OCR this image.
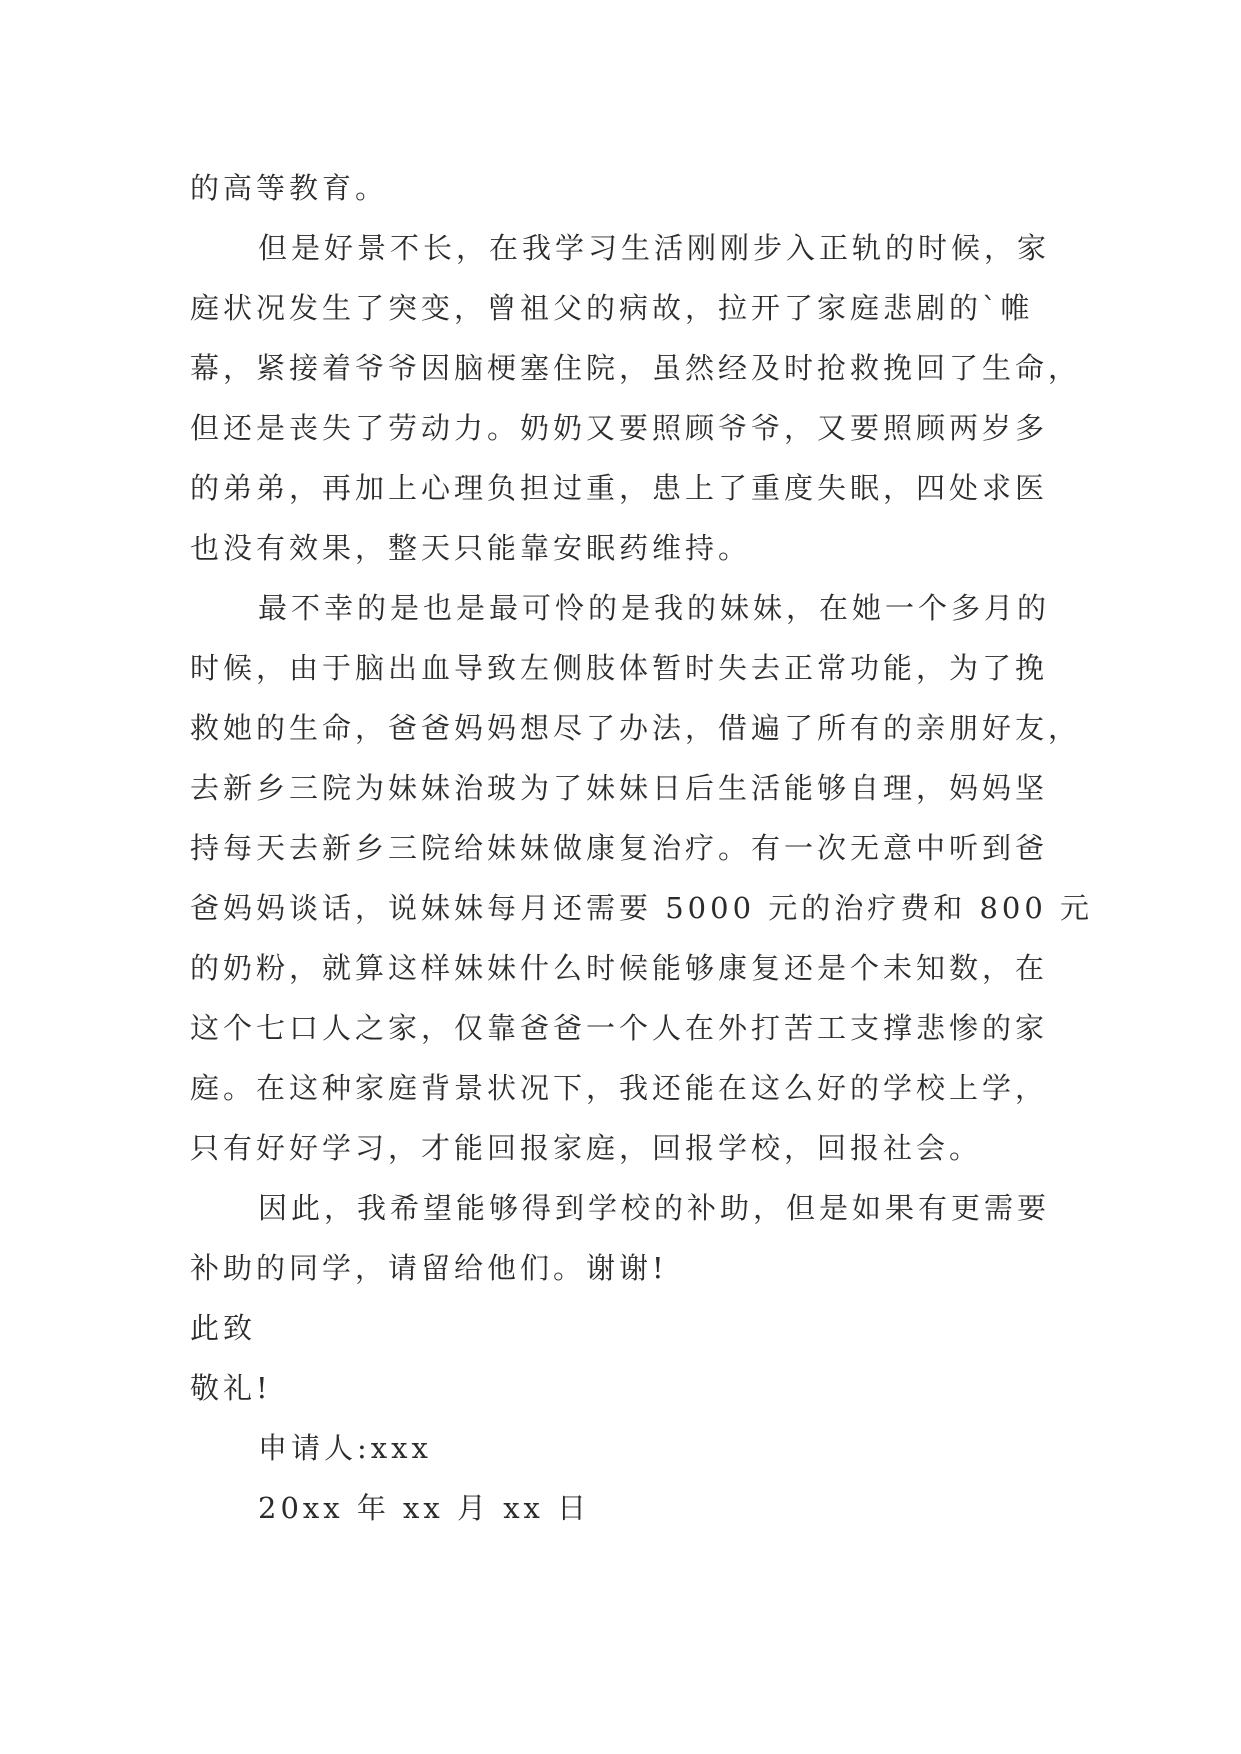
的高等教育。
但是好景不长，在我学习生活刚刚步入正轨的时候，家
庭状况发生了突变，曾祖父的病故，拉开了家庭悲剧的`帷
幕，紧接着爷爷因脑梗塞住院，虽然经及时抢救挽回了生命，
但还是丧失了劳动力。奶奶又要照顾爷爷，又要照顾两岁多
的弟弟，再加上心理负担过重，患上了重度失眠，四处求医
也没有效果，整天只能靠安眠药维持。
最不幸的是也是最可怜的是我的妹妹，在她一个多月的
时候，由于脑出血导致左侧肢体暂时失去正常功能，为了挽
救她的生命，爸爸妈妈想尽了办法，借遍了所有的亲朋好友，
去新乡三院为妹妹治玻为了妹妹日后生活能够自理，妈妈坚
持每天去新乡三院给妹妹做康复治疗。有一次无意中听到爸
爸妈妈谈话，说妹妹每月还需要 5000 元的治疗费和 800 元
的奶粉，就算这样妹妹什么时候能够康复还是个未知数，在
这个七口人之家，仅靠爸爸一个人在外打苦工支撑悲惨的家
庭。在这种家庭背景状况下，我还能在这么好的学校上学，
只有好好学习，才能回报家庭，回报学校，回报社会。
因此，我希望能够得到学校的补助，但是如果有更需要
补助的同学，请留给他们。谢谢!
此致
敬礼!
申请人:xxx
20xx 年 xx 月 xx 日
